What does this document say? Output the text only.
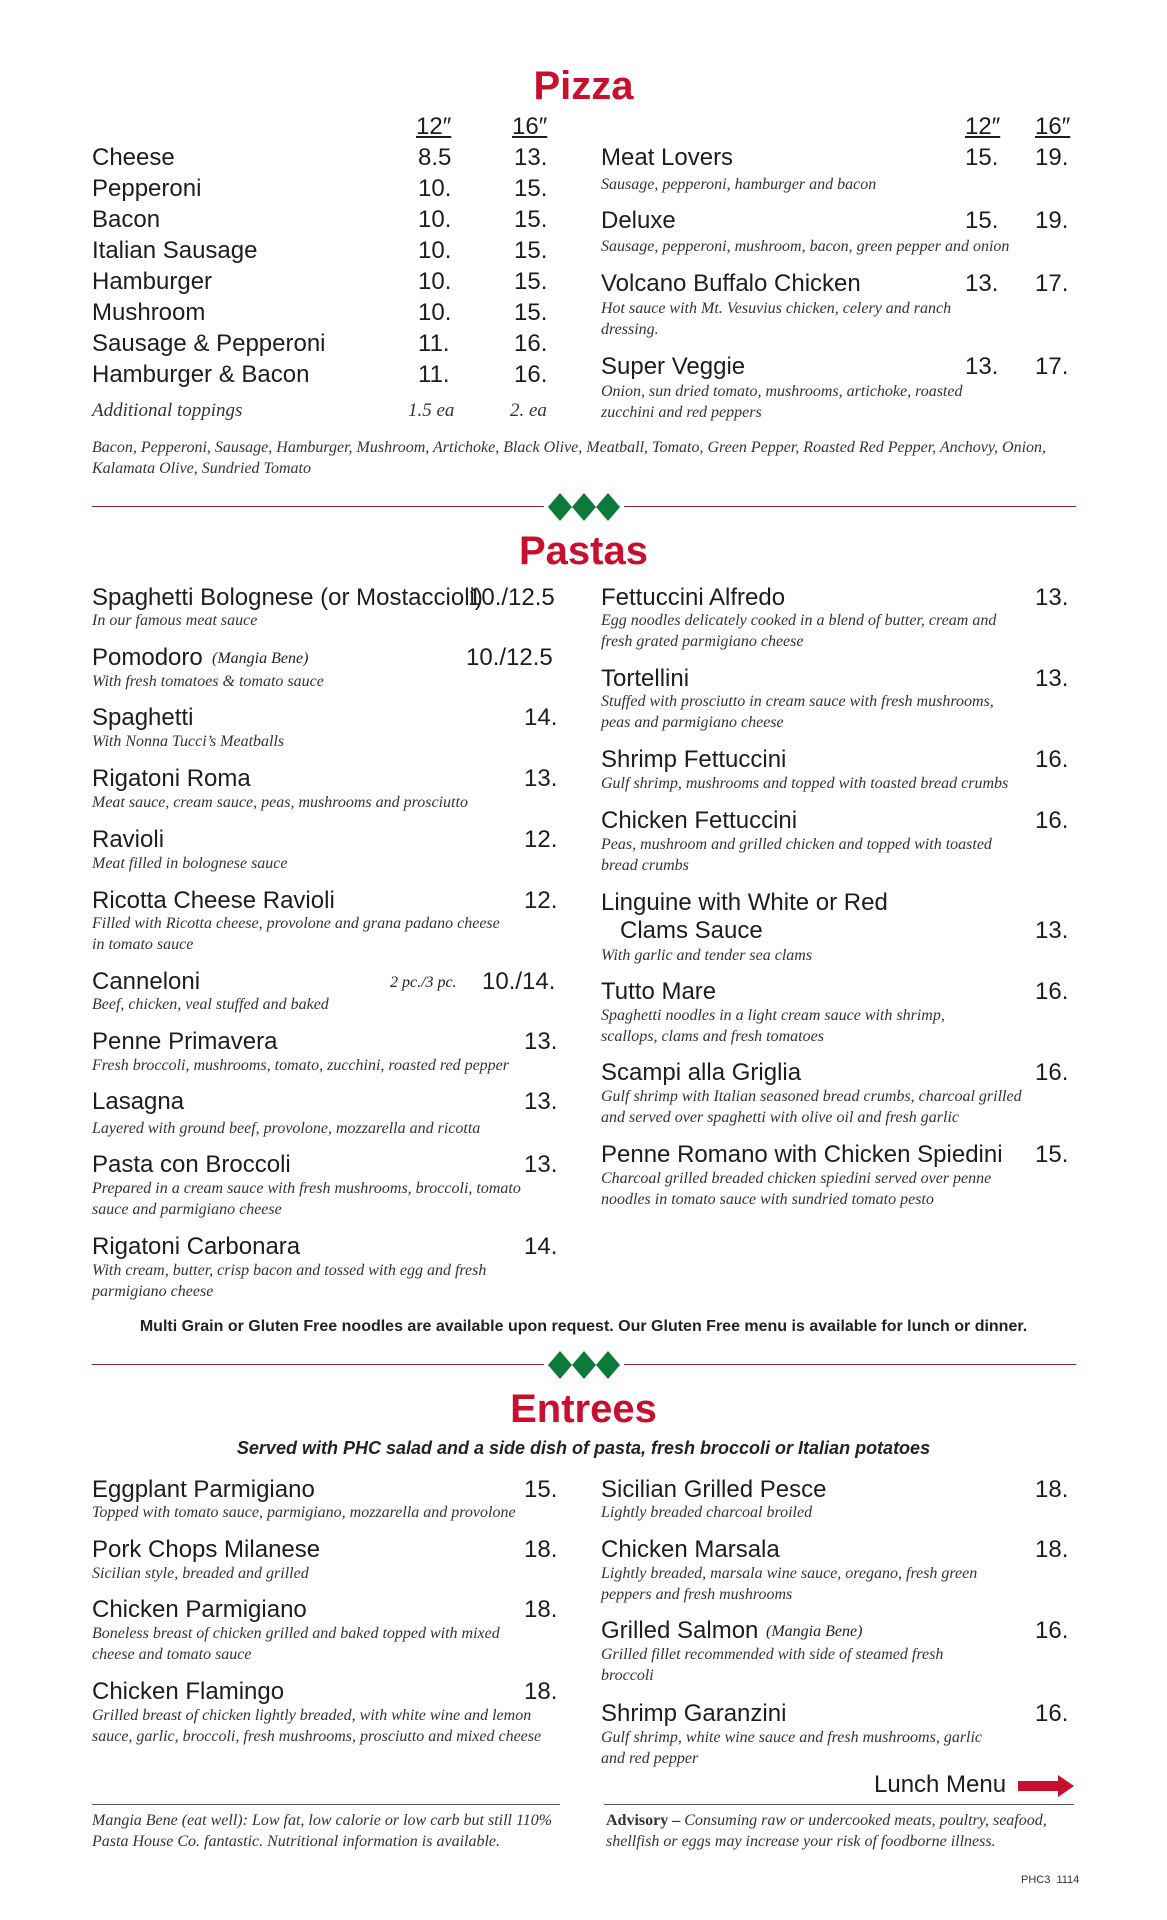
Pizza
12″	16″	12″ 16″
Cheese	8.5	13.
Pepperoni	10.	15.
Bacon	10.	15.
Italian Sausage	10.	15.
Hamburger	10.	15.
Mushroom	10.	15.
Sausage & Pepperoni	11.	16.
Hamburger & Bacon	11.	16.
Additional toppings	1.5 ea	2. ea
Meat Lovers	15. 19.
Sausage, pepperoni, hamburger and bacon
Deluxe	15. 19.
Sausage, pepperoni, mushroom, bacon, green pepper and onion
Volcano Buffalo Chicken	13. 17.
Hot sauce with Mt. Vesuvius chicken, celery and ranch dressing.
Super Veggie	13. 17.
Onion, sun dried tomato, mushrooms, artichoke, roasted zucchini and red peppers
Bacon, Pepperoni, Sausage, Hamburger, Mushroom, Artichoke, Black Olive, Meatball, Tomato, Green Pepper, Roasted Red Pepper, Anchovy, Onion, Kalamata Olive, Sundried Tomato
Pastas
Spaghetti Bolognese (or Mostaccioli)
10./12.5
In our famous meat sauce
Pomodoro (Mangia Bene)	10./12.5
With fresh tomatoes & tomato sauce
Spaghetti	14.
With Nonna Tucci’s Meatballs
Rigatoni Roma	13.
Meat sauce, cream sauce, peas, mushrooms and prosciutto
Ravioli	12.
Meat filled in bolognese sauce
Ricotta Cheese Ravioli	12.
Filled with Ricotta cheese, provolone and grana padano cheese in tomato sauce
Canneloni	2 pc./3 pc. 10./14.
Beef, chicken, veal stuffed and baked
Penne Primavera	13.
Fresh broccoli, mushrooms, tomato, zucchini, roasted red pepper
Lasagna	13.
Layered with ground beef, provolone, mozzarella and ricotta
Pasta con Broccoli	13.
Prepared in a cream sauce with fresh mushrooms, broccoli, tomato sauce and parmigiano cheese
Rigatoni Carbonara	14.
With cream, butter, crisp bacon and tossed with egg and fresh parmigiano cheese
Fettuccini Alfredo	13.
Egg noodles delicately cooked in a blend of butter, cream and fresh grated parmigiano cheese
Tortellini	13.
Stuffed with prosciutto in cream sauce with fresh mushrooms, peas and parmigiano cheese
Shrimp Fettuccini	16.
Gulf shrimp, mushrooms and topped with toasted bread crumbs
Chicken Fettuccini	16.
Peas, mushroom and grilled chicken and topped with toasted bread crumbs
Linguine with White or Red
Clams Sauce	13.
With garlic and tender sea clams
Tutto Mare	16.
Spaghetti noodles in a light cream sauce with shrimp, scallops, clams and fresh tomatoes
Scampi alla Griglia	16.
Gulf shrimp with Italian seasoned bread crumbs, charcoal grilled and served over spaghetti with olive oil and fresh garlic
Penne Romano with Chicken Spiedini 15.
Charcoal grilled breaded chicken spiedini served over penne noodles in tomato sauce with sundried tomato pesto
Multi Grain or Gluten Free noodles are available upon request. Our Gluten Free menu is available for lunch or dinner.
Entrees
Served with PHC salad and a side dish of pasta, fresh broccoli or Italian potatoes
Eggplant Parmigiano	15.
Topped with tomato sauce, parmigiano, mozzarella and provolone
Pork Chops Milanese	18.
Sicilian style, breaded and grilled
Chicken Parmigiano	18.
Boneless breast of chicken grilled and baked topped with mixed cheese and tomato sauce
Chicken Flamingo	18.
Grilled breast of chicken lightly breaded, with white wine and lemon sauce, garlic, broccoli, fresh mushrooms, prosciutto and mixed cheese
Sicilian Grilled Pesce	18.
Lightly breaded charcoal broiled
Chicken Marsala	18.
Lightly breaded, marsala wine sauce, oregano, fresh green peppers and fresh mushrooms
Grilled Salmon (Mangia Bene)	16.
Grilled fillet recommended with side of steamed fresh broccoli
Shrimp Garanzini	16.
Gulf shrimp, white wine sauce and fresh mushrooms, garlic and red pepper
Lunch Menu
Mangia Bene (eat well): Low fat, low calorie or low carb but still 110% Pasta House Co. fantastic. Nutritional information is available.
Advisory – Consuming raw or undercooked meats, poultry, seafood, shellfish or eggs may increase your risk of foodborne illness.
PHC3  1114
